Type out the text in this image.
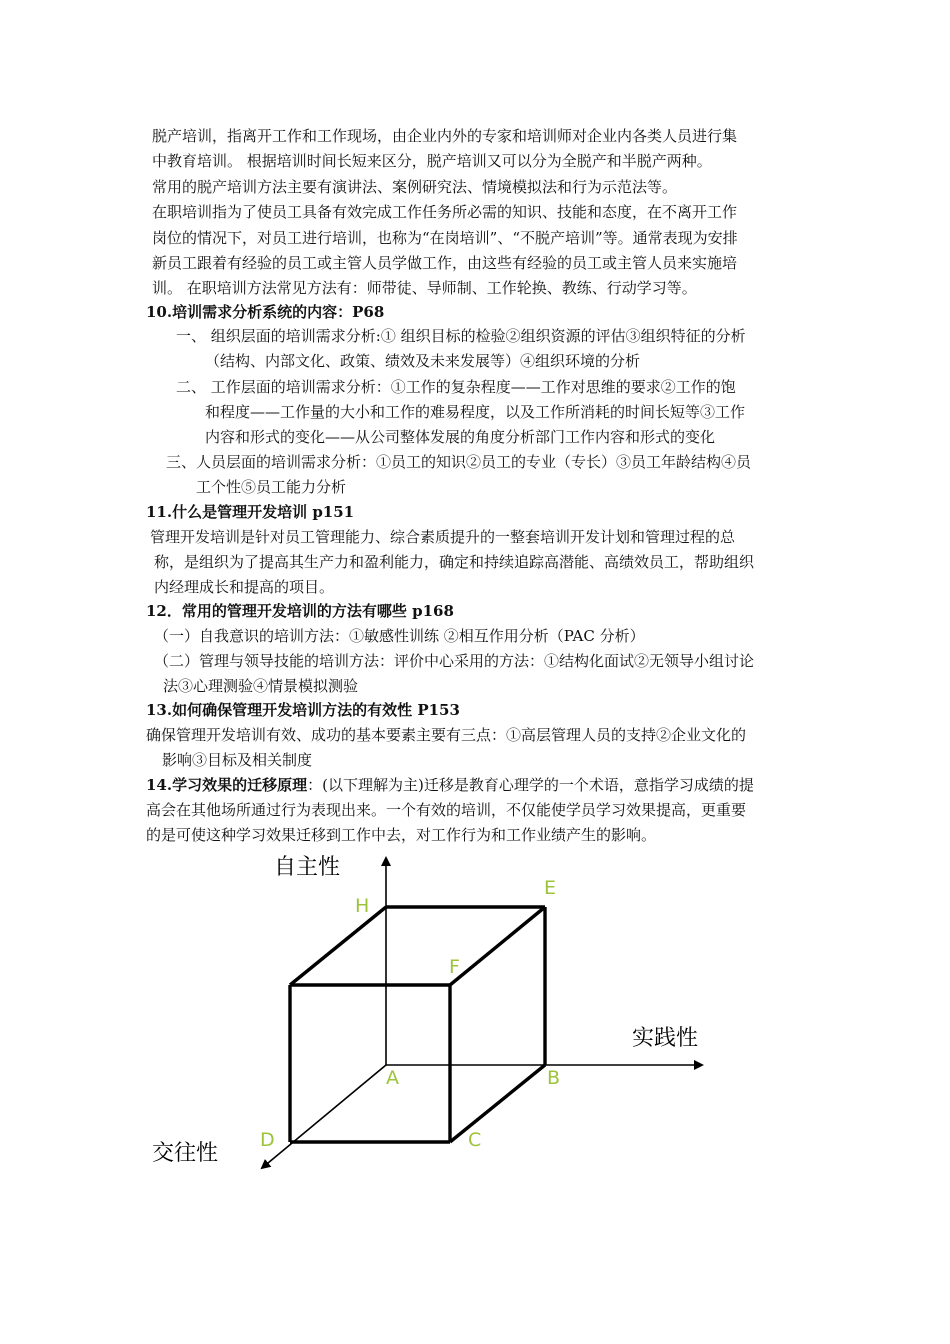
脱产培训，指离开工作和工作现场，由企业内外的专家和培训师对企业内各类人员进行集
中教育培训。 根据培训时间长短来区分，脱产培训又可以分为全脱产和半脱产两种。
常用的脱产培训方法主要有演讲法、案例研究法、情境模拟法和行为示范法等。
在职培训指为了使员工具备有效完成工作任务所必需的知识、技能和态度，在不离开工作
岗位的情况下，对员工进行培训，也称为“在岗培训”、“不脱产培训”等。通常表现为安排
新员工跟着有经验的员工或主管人员学做工作，由这些有经验的员工或主管人员来实施培
训。 在职培训方法常见方法有：师带徒、导师制、工作轮换、教练、行动学习等。
10.培训需求分析系统的内容：P68
一、 组织层面的培训需求分析:① 组织目标的检验②组织资源的评估③组织特征的分析
（结构、内部文化、政策、绩效及未来发展等）④组织环境的分析
二、 工作层面的培训需求分析：①工作的复杂程度——工作对思维的要求②工作的饱
和程度——工作量的大小和工作的难易程度，以及工作所消耗的时间长短等③工作
内容和形式的变化——从公司整体发展的角度分析部门工作内容和形式的变化
三、人员层面的培训需求分析：①员工的知识②员工的专业（专长）③员工年龄结构④员
工个性⑤员工能力分析
11.什么是管理开发培训 p151
管理开发培训是针对员工管理能力、综合素质提升的一整套培训开发计划和管理过程的总
称，是组织为了提高其生产力和盈利能力，确定和持续追踪高潜能、高绩效员工，帮助组织
内经理成长和提高的项目。
12．常用的管理开发培训的方法有哪些 p168
（一）自我意识的培训方法：①敏感性训练 ②相互作用分析（PAC 分析）
（二）管理与领导技能的培训方法：评价中心采用的方法：①结构化面试②无领导小组讨论
法③心理测验④情景模拟测验
13.如何确保管理开发培训方法的有效性 P153
确保管理开发培训有效、成功的基本要素主要有三点：①高层管理人员的支持②企业文化的
影响③目标及相关制度
14.学习效果的迁移原理：(以下理解为主)迁移是教育心理学的一个术语，意指学习成绩的提
高会在其他场所通过行为表现出来。一个有效的培训，不仅能使学员学习效果提高，更重要
的是可使这种学习效果迁移到工作中去，对工作行为和工作业绩产生的影响。
自主性
实践性
交往性
E
H
F
A	B
D	C
